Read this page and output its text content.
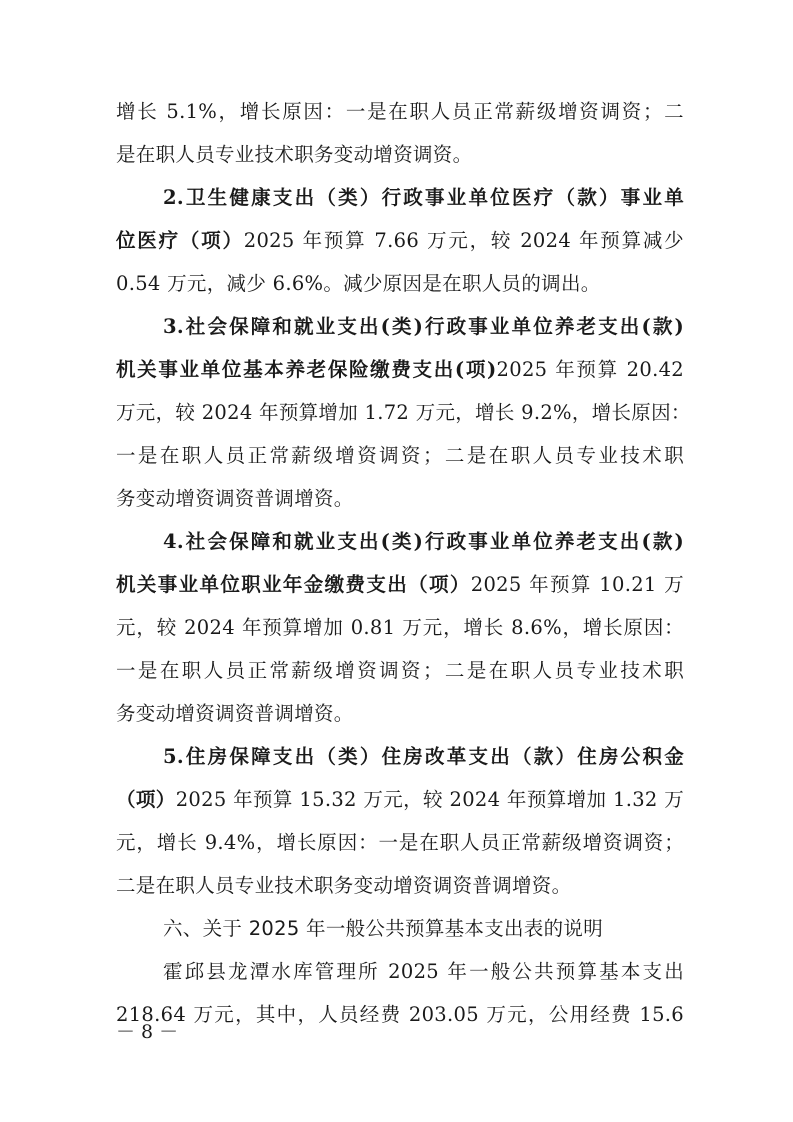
增长 5.1%，增长原因：一是在职人员正常薪级增资调资；二
是在职人员专业技术职务变动增资调资。
2.卫生健康支出（类）行政事业单位医疗（款）事业单
位医疗（项）2025 年预算 7.66 万元，较 2024 年预算减少
0.54 万元，减少 6.6%。减少原因是在职人员的调出。
3.社会保障和就业支出(类)行政事业单位养老支出(款)
机关事业单位基本养老保险缴费支出(项)2025 年预算 20.42
万元，较 2024 年预算增加 1.72 万元，增长 9.2%，增长原因：
一是在职人员正常薪级增资调资；二是在职人员专业技术职
务变动增资调资普调增资。
4.社会保障和就业支出(类)行政事业单位养老支出(款)
机关事业单位职业年金缴费支出（项）2025 年预算 10.21 万
元，较 2024 年预算增加 0.81 万元，增长 8.6%，增长原因：
一是在职人员正常薪级增资调资；二是在职人员专业技术职
务变动增资调资普调增资。
5.住房保障支出（类）住房改革支出（款）住房公积金
（项）2025 年预算 15.32 万元，较 2024 年预算增加 1.32 万
元，增长 9.4%，增长原因：一是在职人员正常薪级增资调资；
二是在职人员专业技术职务变动增资调资普调增资。
六、关于 2025 年一般公共预算基本支出表的说明
霍邱县龙潭水库管理所 2025 年一般公共预算基本支出
218.64 万元，其中，人员经费 203.05 万元，公用经费 15.6
－ 8 －
